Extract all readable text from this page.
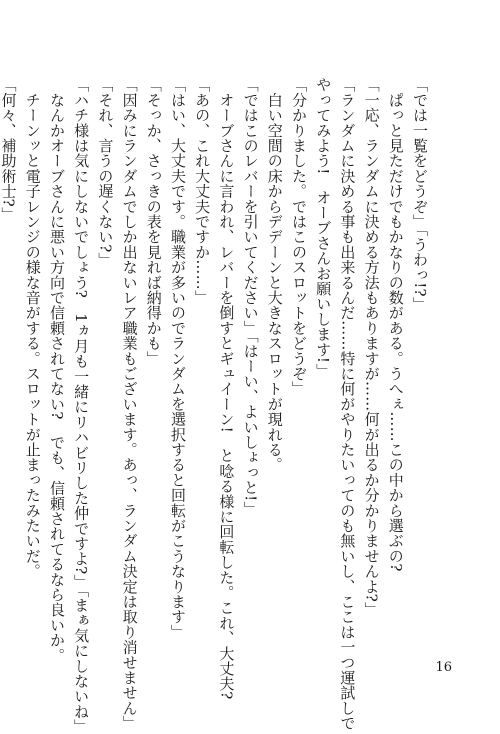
「では一覧をどうぞ」「うわっ!?」
　ぱっと見ただけでもかなりの数がある。うへぇ……この中から選ぶの?
「一応、ランダムに決める方法もありますが……何が出るか分かりませんよ?」
「ランダムに決める事も出来るんだ……特に何がやりたいってのも無いし、ここは一つ運試しで
やってみよう!　オーブさんお願いします!」
「分かりました。ではこのスロットをどうぞ」
　白い空間の床からデデーンと大きなスロットが現れる。
「ではこのレバーを引いてください」「はーい、よいしょっと!」
　オーブさんに言われ、レバーを倒すとギュイーン!　と唸る様に回転した。これ、大丈夫?
「あの、これ大丈夫ですか……」
「はい、大丈夫です。職業が多いのでランダムを選択すると回転がこうなります」
「そっか、さっきの表を見れば納得かも」
「因みにランダムでしか出ないレア職業もございます。あっ、ランダム決定は取り消せません」
「それ、言うの遅くない?」
「ハチ様は気にしないでしょう?　1ヵ月も一緒にリハビリした仲ですよ?」「まぁ気にしないね」
　なんかオーブさんに悪い方向で信頼されてない?　でも、信頼されてるなら良いか。
　チーンッと電子レンジの様な音がする。スロットが止まったみたいだ。
「何々、補助術士?」
16
